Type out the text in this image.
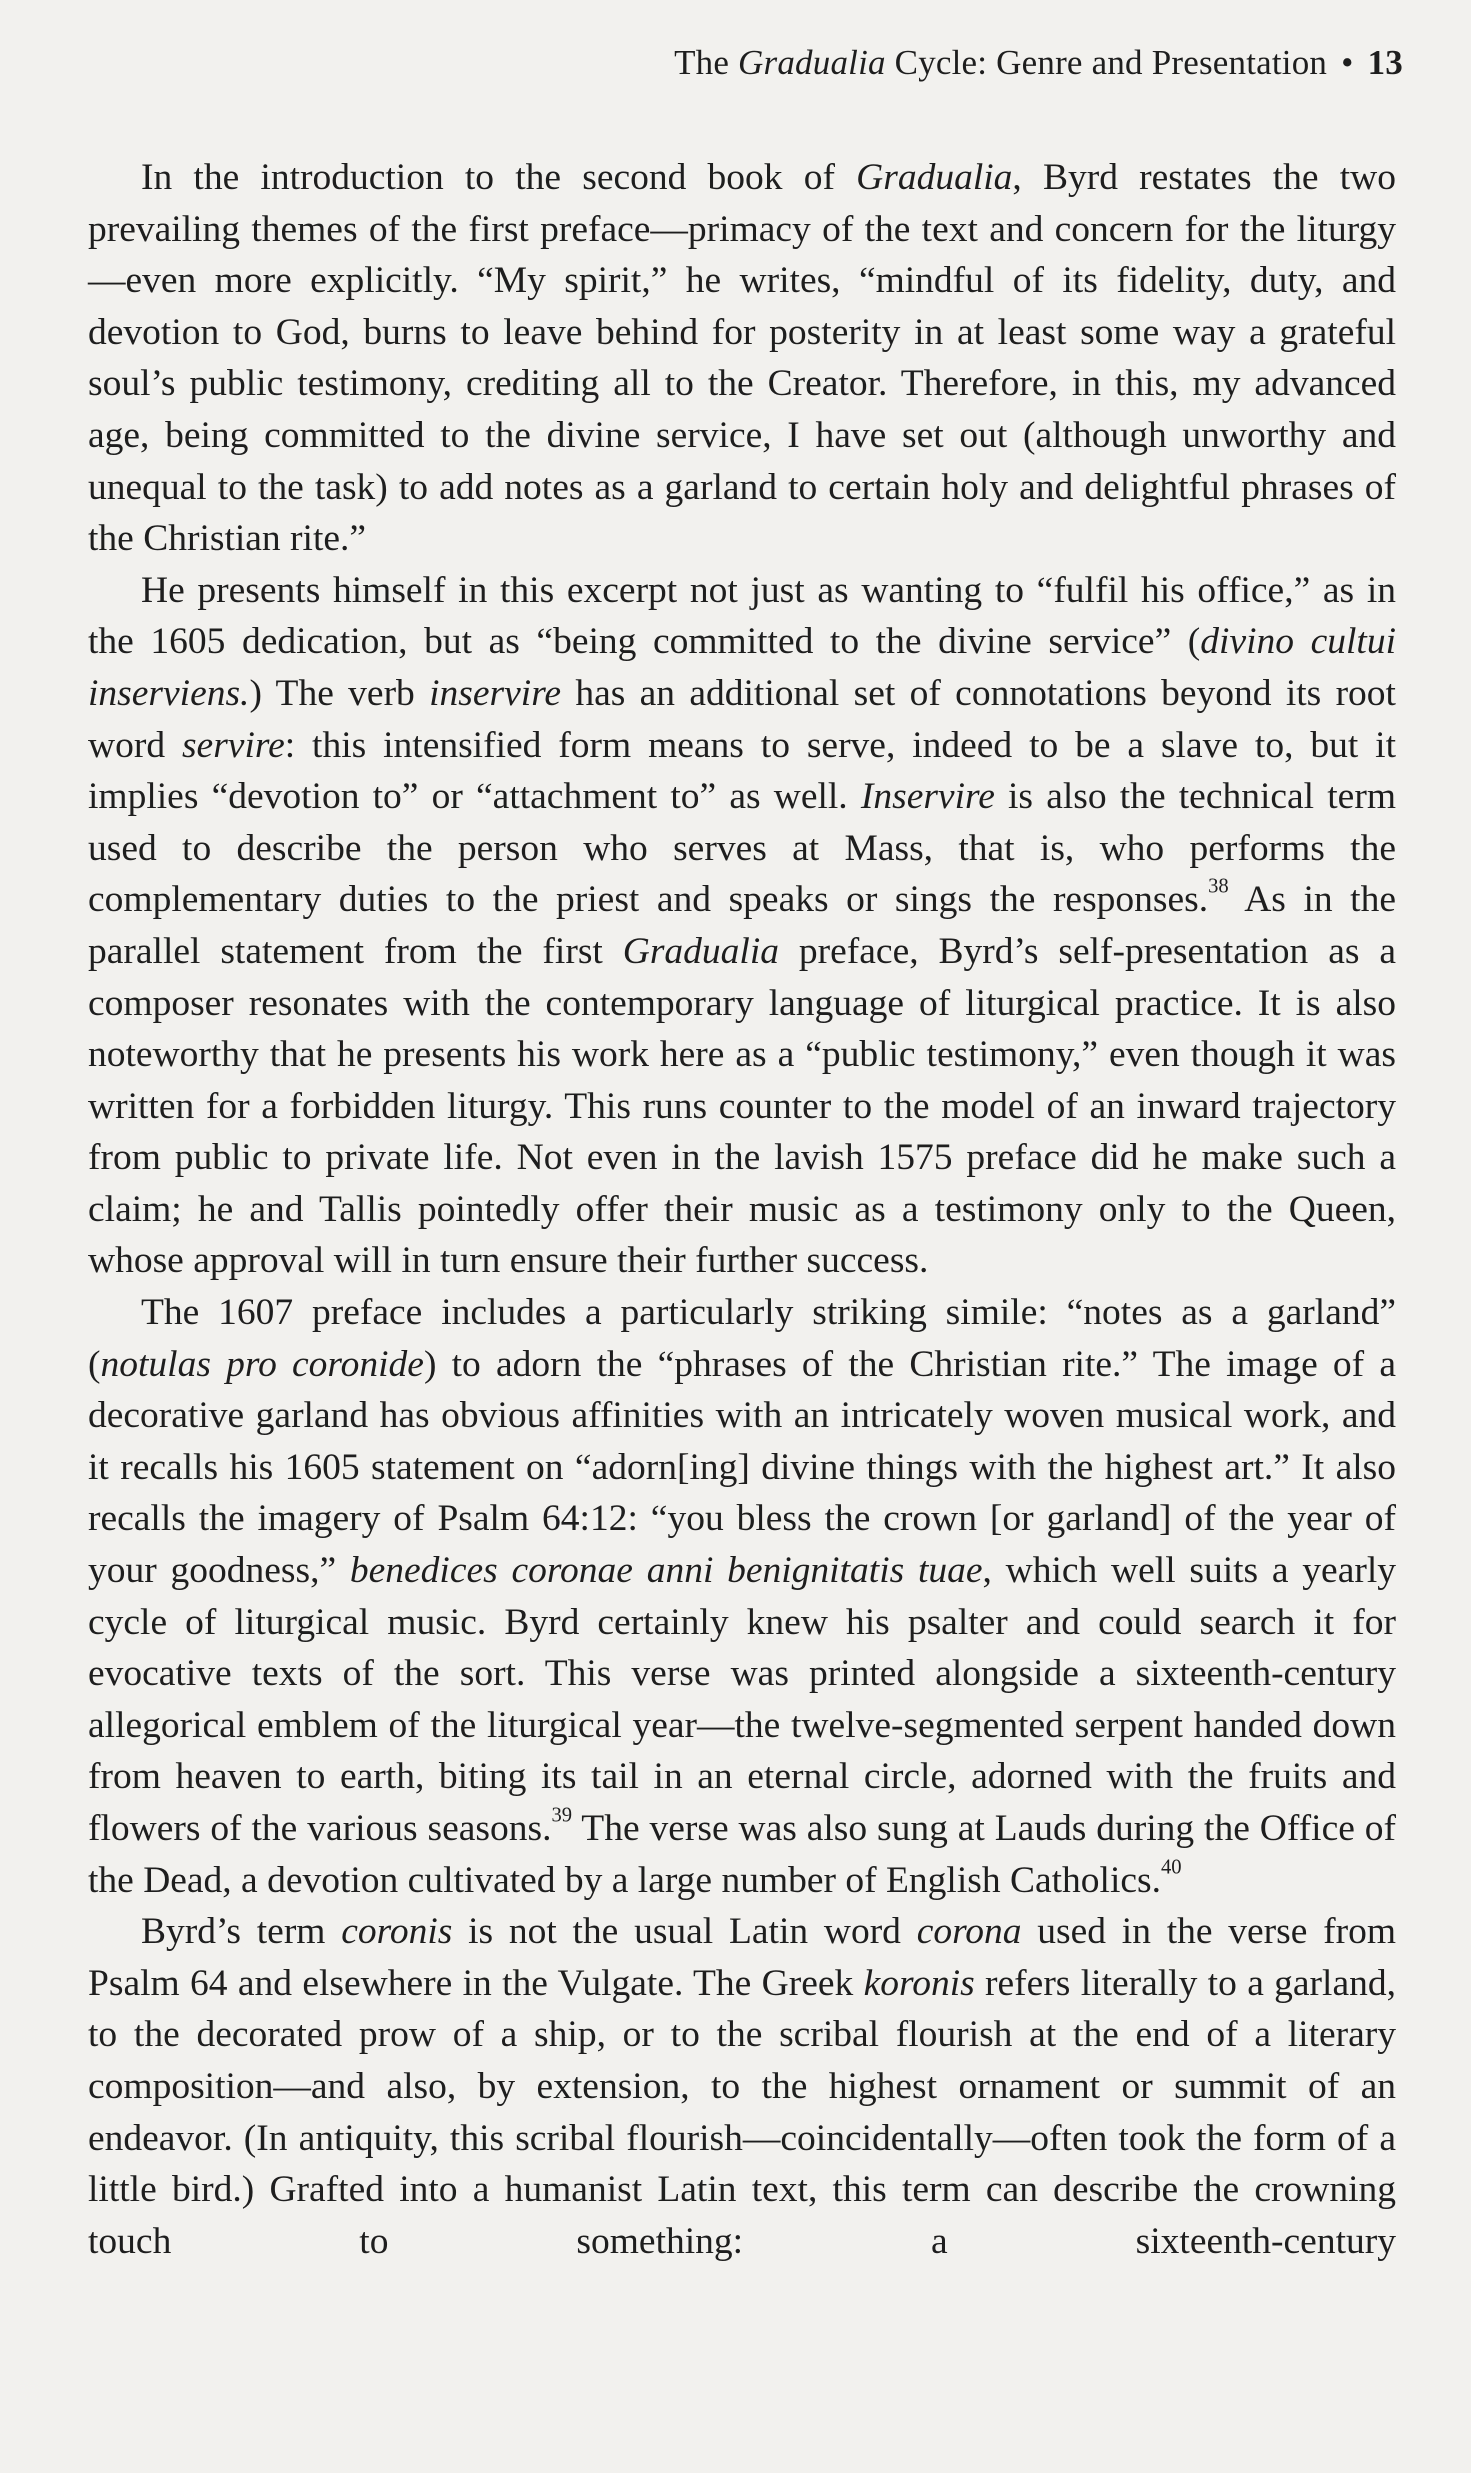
The Gradualia Cycle: Genre and Presentation • 13

In the introduction to the second book of Gradualia, Byrd restates the two prevailing themes of the first preface—primacy of the text and concern for the liturgy—even more explicitly. “My spirit,” he writes, “mindful of its fidelity, duty, and devotion to God, burns to leave behind for posterity in at least some way a grateful soul’s public testimony, crediting all to the Creator. Therefore, in this, my advanced age, being committed to the divine service, I have set out (although unworthy and unequal to the task) to add notes as a garland to certain holy and delightful phrases of the Christian rite.”

He presents himself in this excerpt not just as wanting to “fulfil his office,” as in the 1605 dedication, but as “being committed to the divine service” (divino cultui inserviens.) The verb inservire has an additional set of connotations beyond its root word servire: this intensified form means to serve, indeed to be a slave to, but it implies “devotion to” or “attachment to” as well. Inservire is also the technical term used to describe the person who serves at Mass, that is, who performs the complementary duties to the priest and speaks or sings the responses.$^{38}$ As in the parallel statement from the first Gradualia preface, Byrd’s self-presentation as a composer resonates with the contemporary language of liturgical practice. It is also noteworthy that he presents his work here as a “public testimony,” even though it was written for a forbidden liturgy. This runs counter to the model of an inward trajectory from public to private life. Not even in the lavish 1575 preface did he make such a claim; he and Tallis pointedly offer their music as a testimony only to the Queen, whose approval will in turn ensure their further success.

The 1607 preface includes a particularly striking simile: “notes as a garland” (notulas pro coronide) to adorn the “phrases of the Christian rite.” The image of a decorative garland has obvious affinities with an intricately woven musical work, and it recalls his 1605 statement on “adorn[ing] divine things with the highest art.” It also recalls the imagery of Psalm 64:12: “you bless the crown [or garland] of the year of your goodness,” benedices coronae anni benignitatis tuae, which well suits a yearly cycle of liturgical music. Byrd certainly knew his psalter and could search it for evocative texts of the sort. This verse was printed alongside a sixteenth-century allegorical emblem of the liturgical year—the twelve-segmented serpent handed down from heaven to earth, biting its tail in an eternal circle, adorned with the fruits and flowers of the various seasons.$^{39}$ The verse was also sung at Lauds during the Office of the Dead, a devotion cultivated by a large number of English Catholics.$^{40}$

Byrd’s term coronis is not the usual Latin word corona used in the verse from Psalm 64 and elsewhere in the Vulgate. The Greek koronis refers literally to a garland, to the decorated prow of a ship, or to the scribal flourish at the end of a literary composition—and also, by extension, to the highest ornament or summit of an endeavor. (In antiquity, this scribal flourish—coincidentally—often took the form of a little bird.) Grafted into a humanist Latin text, this term can describe the crowning touch to something: a sixteenth-century
